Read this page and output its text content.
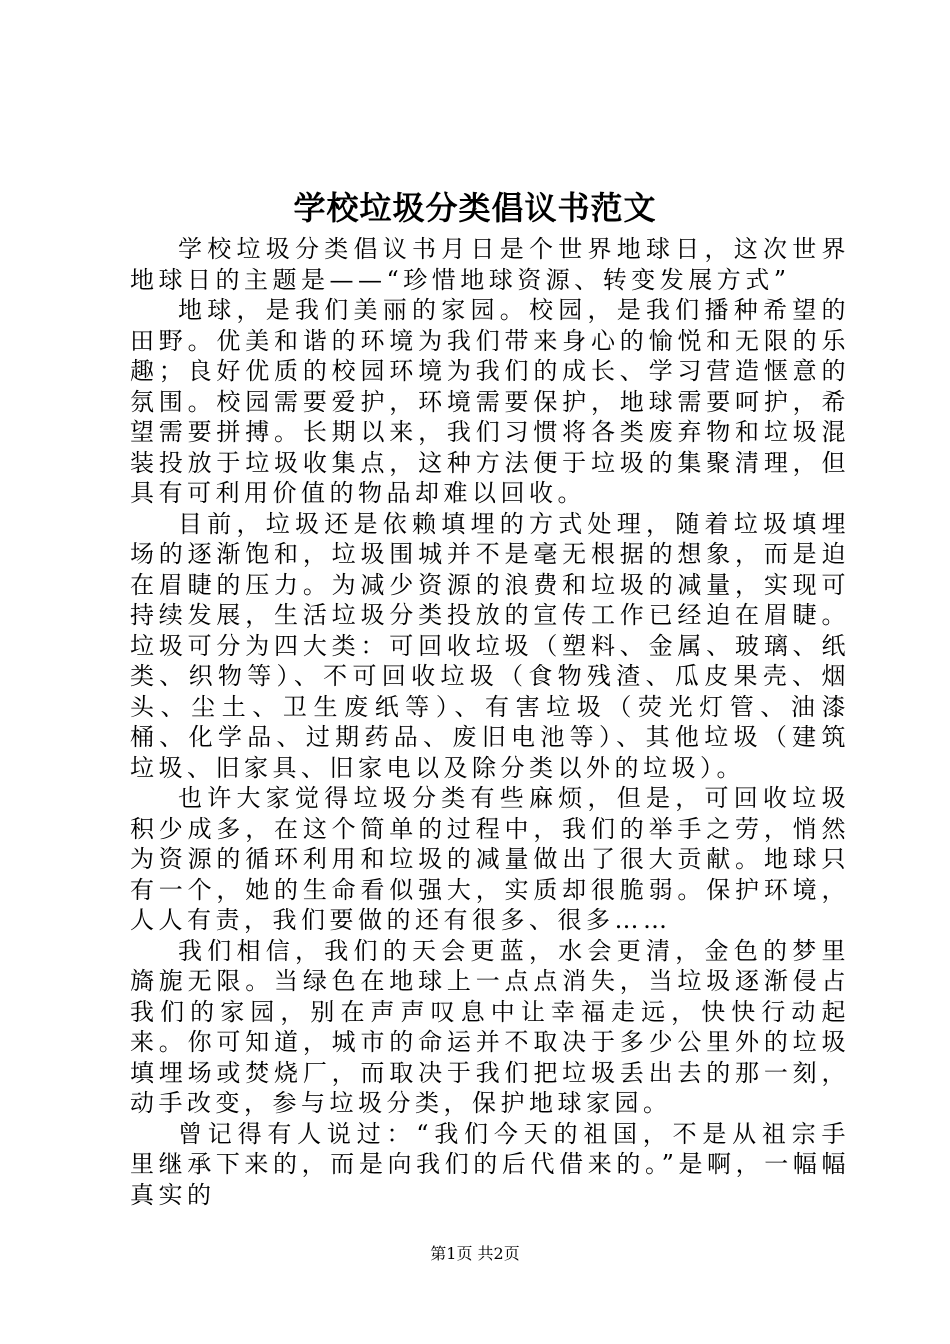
学校垃圾分类倡议书范文

学校垃圾分类倡议书月日是个世界地球日，这次世界地球日的主题是——“珍惜地球资源、转变发展方式”

地球，是我们美丽的家园。校园，是我们播种希望的田野。优美和谐的环境为我们带来身心的愉悦和无限的乐趣；良好优质的校园环境为我们的成长、学习营造惬意的氛围。校园需要爱护，环境需要保护，地球需要呵护，希望需要拼搏。长期以来，我们习惯将各类废弃物和垃圾混装投放于垃圾收集点，这种方法便于垃圾的集聚清理，但具有可利用价值的物品却难以回收。

目前，垃圾还是依赖填埋的方式处理，随着垃圾填埋场的逐渐饱和，垃圾围城并不是毫无根据的想象，而是迫在眉睫的压力。为减少资源的浪费和垃圾的减量，实现可持续发展，生活垃圾分类投放的宣传工作已经迫在眉睫。垃圾可分为四大类：可回收垃圾（塑料、金属、玻璃、纸类、织物等）、不可回收垃圾（食物残渣、瓜皮果壳、烟头、尘土、卫生废纸等）、有害垃圾（荧光灯管、油漆桶、化学品、过期药品、废旧电池等）、其他垃圾（建筑垃圾、旧家具、旧家电以及除分类以外的垃圾）。

也许大家觉得垃圾分类有些麻烦，但是，可回收垃圾积少成多，在这个简单的过程中，我们的举手之劳，悄然为资源的循环利用和垃圾的减量做出了很大贡献。地球只有一个，她的生命看似强大，实质却很脆弱。保护环境，人人有责，我们要做的还有很多、很多……

我们相信，我们的天会更蓝，水会更清，金色的梦里旖旎无限。当绿色在地球上一点点消失，当垃圾逐渐侵占我们的家园，别在声声叹息中让幸福走远，快快行动起来。你可知道，城市的命运并不取决于多少公里外的垃圾填埋场或焚烧厂，而取决于我们把垃圾丢出去的那一刻，动手改变，参与垃圾分类，保护地球家园。

曾记得有人说过：“我们今天的祖国，不是从祖宗手里继承下来的，而是向我们的后代借来的。”是啊，一幅幅真实的

第1页 共2页
